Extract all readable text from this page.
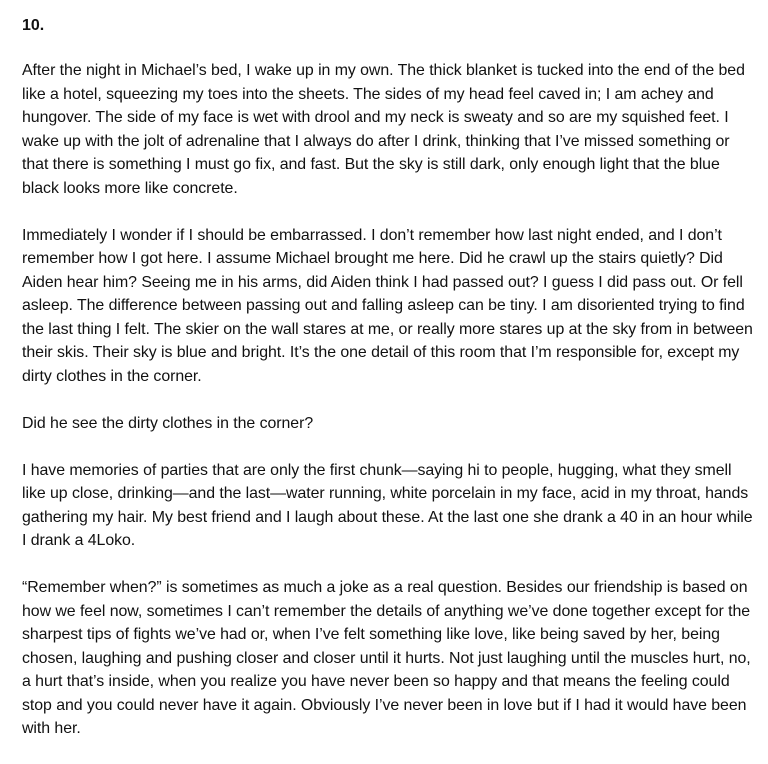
10.

After the night in Michael’s bed, I wake up in my own. The thick blanket is tucked into the end of the bed like a hotel, squeezing my toes into the sheets. The sides of my head feel caved in; I am achey and hungover. The side of my face is wet with drool and my neck is sweaty and so are my squished feet. I wake up with the jolt of adrenaline that I always do after I drink, thinking that I’ve missed something or that there is something I must go fix, and fast. But the sky is still dark, only enough light that the blue black looks more like concrete.

Immediately I wonder if I should be embarrassed. I don’t remember how last night ended, and I don’t remember how I got here. I assume Michael brought me here. Did he crawl up the stairs quietly? Did Aiden hear him? Seeing me in his arms, did Aiden think I had passed out? I guess I did pass out. Or fell asleep. The difference between passing out and falling asleep can be tiny. I am disoriented trying to find the last thing I felt. The skier on the wall stares at me, or really more stares up at the sky from in between their skis. Their sky is blue and bright. It’s the one detail of this room that I’m responsible for, except my dirty clothes in the corner.

Did he see the dirty clothes in the corner?

I have memories of parties that are only the first chunk—saying hi to people, hugging, what they smell like up close, drinking—and the last—water running, white porcelain in my face, acid in my throat, hands gathering my hair. My best friend and I laugh about these. At the last one she drank a 40 in an hour while I drank a 4Loko.

“Remember when?” is sometimes as much a joke as a real question. Besides our friendship is based on how we feel now, sometimes I can’t remember the details of anything we’ve done together except for the sharpest tips of fights we’ve had or, when I’ve felt something like love, like being saved by her, being chosen, laughing and pushing closer and closer until it hurts. Not just laughing until the muscles hurt, no, a hurt that’s inside, when you realize you have never been so happy and that means the feeling could stop and you could never have it again. Obviously I’ve never been in love but if I had it would have been with her.
